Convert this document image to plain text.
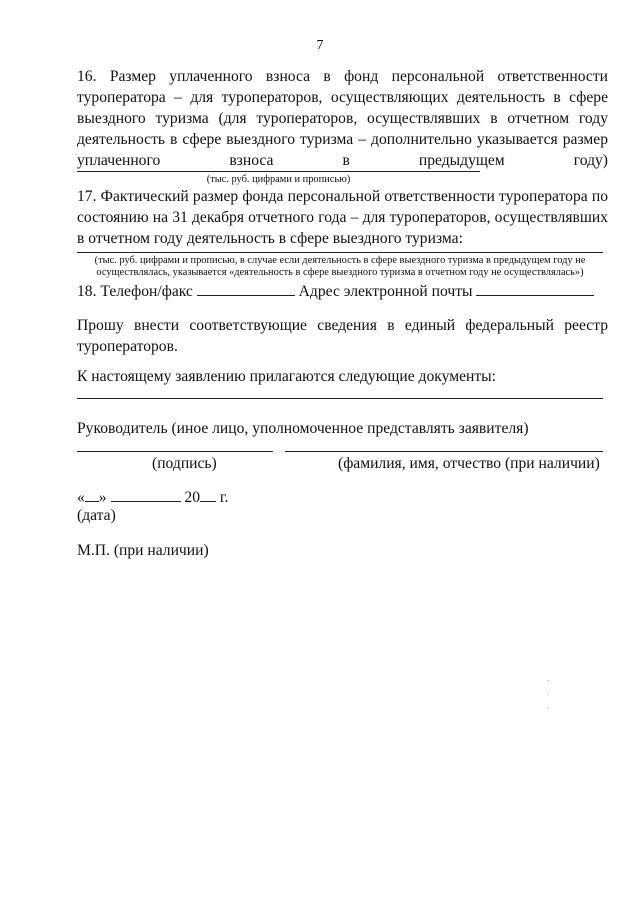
7
16. Размер уплаченного взноса в фонд персональной ответственности туроператора – для туроператоров, осуществляющих деятельность в сфере выездного туризма (для туроператоров, осуществлявших в отчетном году деятельность в сфере выездного туризма – дополнительно указывается размер уплаченного взноса в предыдущем году)
(тыс. руб. цифрами и прописью)
17. Фактический размер фонда персональной ответственности туроператора по состоянию на 31 декабря отчетного года – для туроператоров, осуществлявших в отчетном году деятельность в сфере выездного туризма:
(тыс. руб. цифрами и прописью, в случае если деятельность в сфере выездного туризма в предыдущем году не
осуществлялась, указывается «деятельность в сфере выездного туризма в отчетном году не осуществлялась»)
18. Телефон/факс	Адрес электронной почты
Прошу внести соответствующие сведения в единый федеральный реестр туроператоров.
К настоящему заявлению прилагаются следующие документы:
Руководитель (иное лицо, уполномоченное представлять заявителя)
(подпись)	(фамилия, имя, отчество (при наличии)
« »	20 г.
(дата)
М.П. (при наличии)
